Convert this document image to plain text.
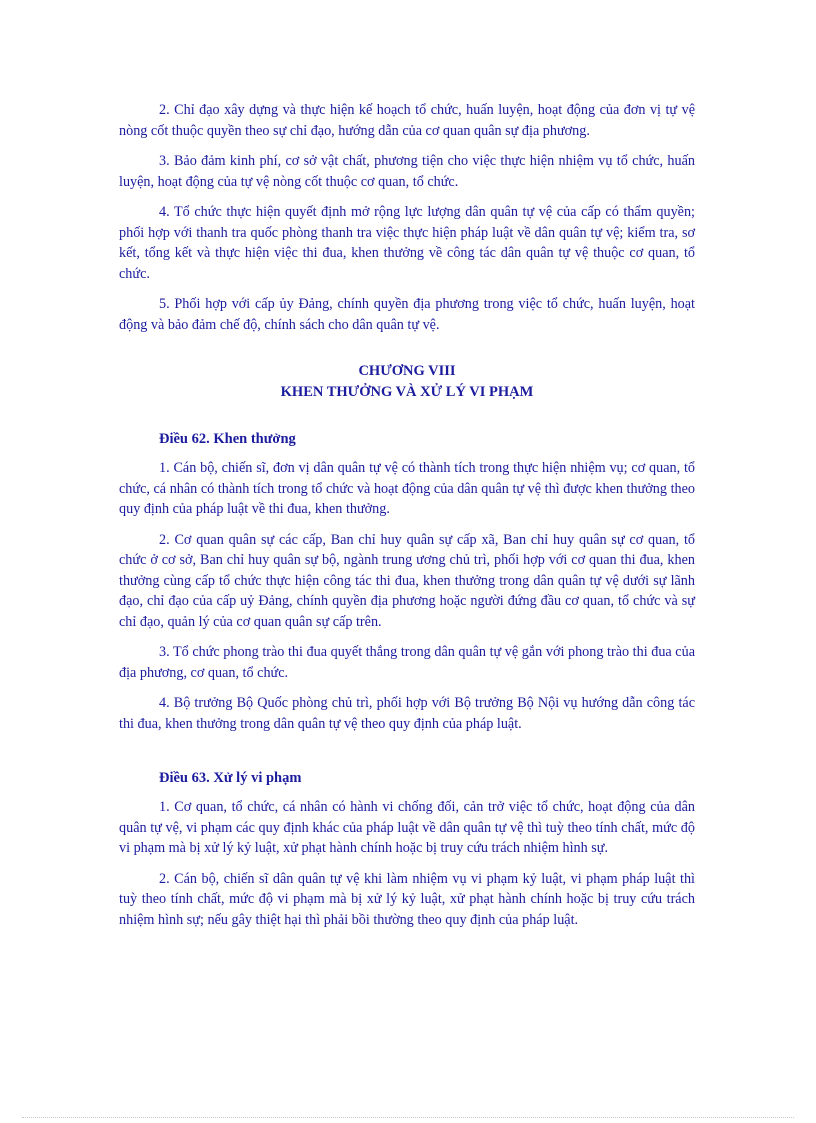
2. Chỉ đạo xây dựng và thực hiện kế hoạch tổ chức, huấn luyện, hoạt động của đơn vị tự vệ nòng cốt thuộc quyền theo sự chỉ đạo, hướng dẫn của cơ quan quân sự địa phương.

3. Bảo đảm kinh phí, cơ sở vật chất, phương tiện cho việc thực hiện nhiệm vụ tổ chức, huấn luyện, hoạt động của tự vệ nòng cốt thuộc cơ quan, tổ chức.

4. Tổ chức thực hiện quyết định mở rộng lực lượng dân quân tự vệ của cấp có thẩm quyền; phối hợp với thanh tra quốc phòng thanh tra việc thực hiện pháp luật về dân quân tự vệ; kiểm tra, sơ kết, tổng kết và thực hiện việc thi đua, khen thưởng về công tác dân quân tự vệ thuộc cơ quan, tổ chức.

5. Phối hợp với cấp ủy Đảng, chính quyền địa phương trong việc tổ chức, huấn luyện, hoạt động và bảo đảm chế độ, chính sách cho dân quân tự vệ.

CHƯƠNG VIII
KHEN THƯỞNG VÀ XỬ LÝ VI PHẠM
Điều 62. Khen thưởng

1. Cán bộ, chiến sĩ, đơn vị dân quân tự vệ có thành tích trong thực hiện nhiệm vụ; cơ quan, tổ chức, cá nhân có thành tích trong tổ chức và hoạt động của dân quân tự vệ thì được khen thưởng theo quy định của pháp luật về thi đua, khen thưởng.

2. Cơ quan quân sự các cấp, Ban chỉ huy quân sự cấp xã, Ban chỉ huy quân sự cơ quan, tổ chức ở cơ sở, Ban chỉ huy quân sự bộ, ngành trung ương chủ trì, phối hợp với cơ quan thi đua, khen thưởng cùng cấp tổ chức thực hiện công tác thi đua, khen thưởng trong dân quân tự vệ dưới sự lãnh đạo, chỉ đạo của cấp uỷ Đảng, chính quyền địa phương hoặc người đứng đầu cơ quan, tổ chức và sự chỉ đạo, quản lý của cơ quan quân sự cấp trên.

3. Tổ chức phong trào thi đua quyết thắng trong dân quân tự vệ gắn với phong trào thi đua của địa phương, cơ quan, tổ chức.

4. Bộ trưởng Bộ Quốc phòng chủ trì, phối hợp với Bộ trưởng Bộ Nội vụ hướng dẫn công tác thi đua, khen thưởng trong dân quân tự vệ theo quy định của pháp luật.

Điều 63. Xử lý vi phạm

1. Cơ quan, tổ chức, cá nhân có hành vi chống đối, cản trở việc tổ chức, hoạt động của dân quân tự vệ, vi phạm các quy định khác của pháp luật về dân quân tự vệ thì tuỳ theo tính chất, mức độ vi phạm mà bị xử lý kỷ luật, xử phạt hành chính hoặc bị truy cứu trách nhiệm hình sự.

2. Cán bộ, chiến sĩ dân quân tự vệ khi làm nhiệm vụ vi phạm kỷ luật, vi phạm pháp luật thì tuỳ theo tính chất, mức độ vi phạm mà bị xử lý kỷ luật, xử phạt hành chính hoặc bị truy cứu trách nhiệm hình sự; nếu gây thiệt hại thì phải bồi thường theo quy định của pháp luật.
